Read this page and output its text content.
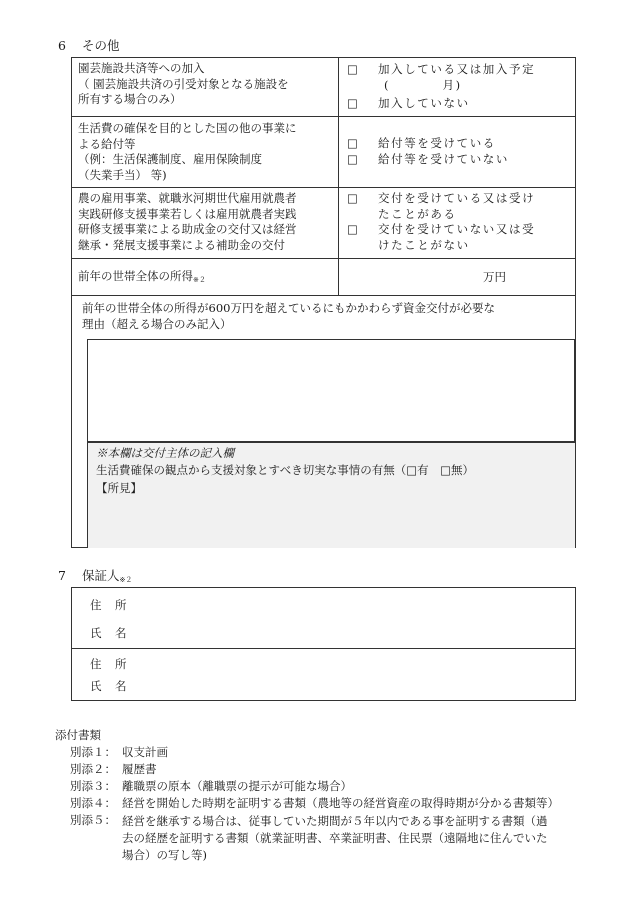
6 その他
園芸施設共済等への加入
（ 園芸施設共済の引受対象となる施設を
所有する場合のみ）
□ 加入している又は加入予定
(　　　　月)
□ 加入していない
生活費の確保を目的とした国の他の事業に
よる給付等
（例：生活保護制度、雇用保険制度
（失業手当） 等)
□ 給付等を受けている
□ 給付等を受けていない
農の雇用事業、就職氷河期世代雇用就農者
実践研修支援事業若しくは雇用就農者実践
研修支援事業による助成金の交付又は経営
継承・発展支援事業による補助金の交付
□ 交付を受けている又は受け
たことがある
□ 交付を受けていない又は受
けたことがない
前年の世帯全体の所得$_{※2}$	万円
前年の世帯全体の所得が600万円を超えているにもかかわらず資金交付が必要な
理由（超える場合のみ記入）
※本欄は交付主体の記入欄
生活費確保の観点から支援対象とすべき切実な事情の有無（□有　□無）
【所見】
7 保証人$_{※2}$
住　所
氏　名
住　所
氏　名
添付書類
別添１： 収支計画
別添２： 履歴書
別添３： 離職票の原本（離職票の提示が可能な場合）
別添４： 経営を開始した時期を証明する書類（農地等の経営資産の取得時期が分かる書類等）
別添５： 経営を継承する場合は、従事していた期間が５年以内である事を証明する書類（過
去の経歴を証明する書類（就業証明書、卒業証明書、住民票（遠隔地に住んでいた
場合）の写し等)
